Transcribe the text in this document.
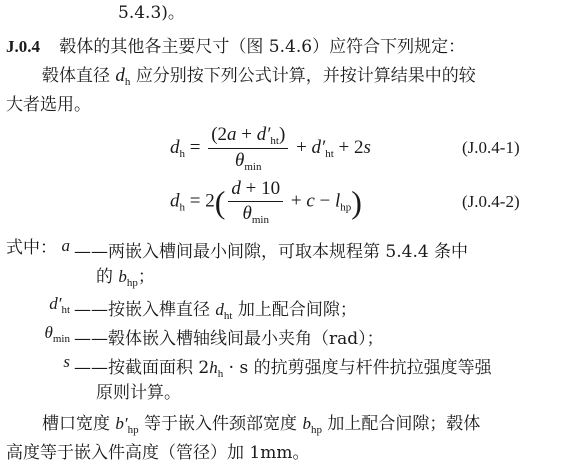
5.4.3)。
J.0.4 毂体的其他各主要尺寸（图 5.4.6）应符合下列规定：
毂体直径 $d_h$ 应分别按下列公式计算，并按计算结果中的较
大者选用。
$d_h = \frac{(2a + d'_{ht})}{\theta_{min}} + d'_{ht} + 2s$	(J.0.4-1)
$d_h = 2( \frac{d + 10}{\theta_{min}} + c - l_{hp})$	(J.0.4-2)
式中： a ——两嵌入槽间最小间隙，可取本规程第 5.4.4 条中
的 $b_{hp}$；
$d'_{ht}$ ——按嵌入榫直径 $d_{ht}$ 加上配合间隙；
$\theta_{min}$ ——毂体嵌入槽轴线间最小夹角（rad）；
s ——按截面面积 $2h_h \cdot s$ 的抗剪强度与杆件抗拉强度等强
原则计算。
槽口宽度 $b'_{hp}$ 等于嵌入件颈部宽度 $b_{hp}$ 加上配合间隙；毂体
高度等于嵌入件高度（管径）加 1mm。
